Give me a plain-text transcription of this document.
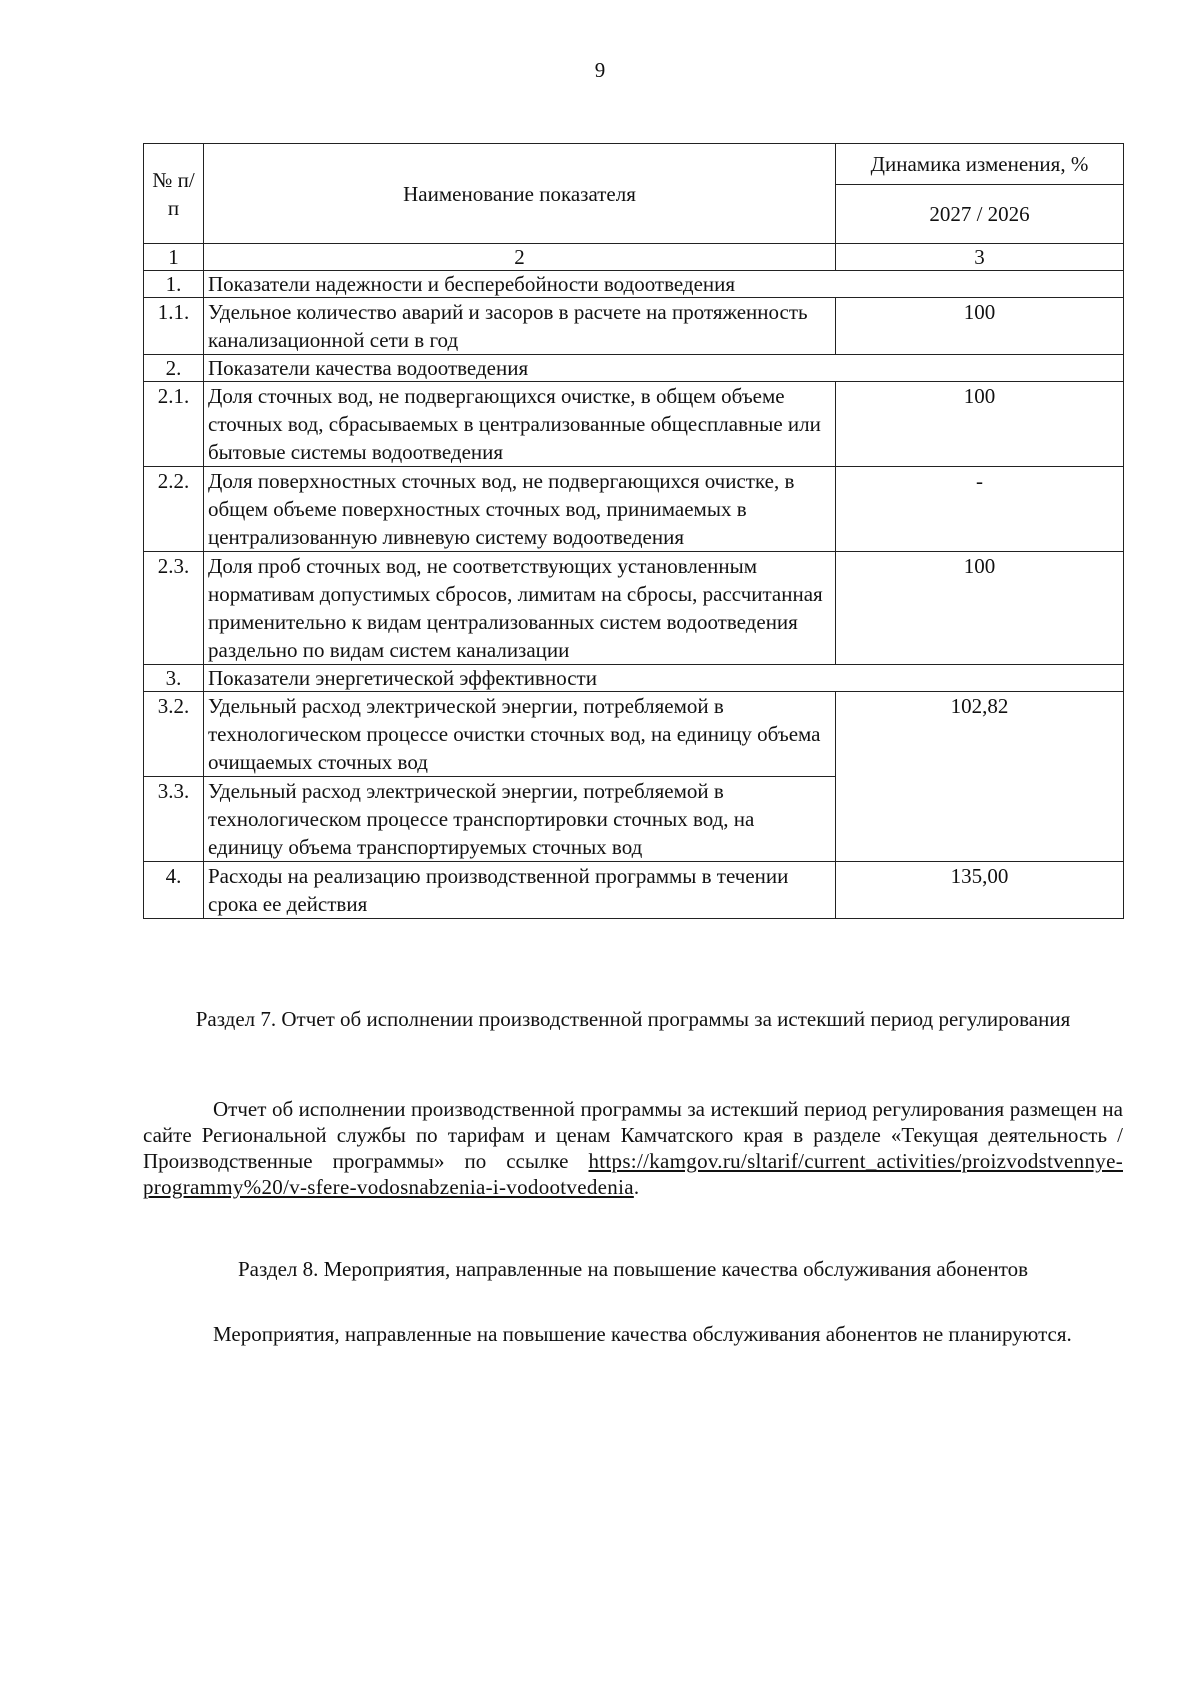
9
№ п/п	Наименование показателя	Динамика изменения, %
		2027 / 2026
1	2	3
1.	Показатели надежности и бесперебойности водоотведения	
1.1.	Удельное количество аварий и засоров в расчете на протяженность канализационной сети в год	100
2.	Показатели качества водоотведения	
2.1.	Доля сточных вод, не подвергающихся очистке, в общем объеме сточных вод, сбрасываемых в централизованные общесплавные или бытовые системы водоотведения	100
2.2.	Доля поверхностных сточных вод, не подвергающихся очистке, в общем объеме поверхностных сточных вод, принимаемых в централизованную ливневую систему водоотведения	-
2.3.	Доля проб сточных вод, не соответствующих установленным нормативам допустимых сбросов, лимитам на сбросы, рассчитанная применительно к видам централизованных систем водоотведения раздельно по видам систем канализации	100
3.	Показатели энергетической эффективности	
3.2.	Удельный расход электрической энергии, потребляемой в технологическом процессе очистки сточных вод, на единицу объема очищаемых сточных вод	102,82
3.3.	Удельный расход электрической энергии, потребляемой в технологическом процессе транспортировки сточных вод, на единицу объема транспортируемых сточных вод	
4.	Расходы на реализацию производственной программы в течении срока ее действия	135,00
Раздел 7. Отчет об исполнении производственной программы за истекший период регулирования
Отчет об исполнении производственной программы за истекший период регулирования размещен на сайте Региональной службы по тарифам и ценам Камчатского края в разделе «Текущая деятельность / Производственные программы» по ссылке https://kamgov.ru/sltarif/current_activities/proizvodstvennye-programmy%20/v-sfere-vodosnabzenia-i-vodootvedenia.
Раздел 8. Мероприятия, направленные на повышение качества обслуживания абонентов
Мероприятия, направленные на повышение качества обслуживания абонентов не планируются.
